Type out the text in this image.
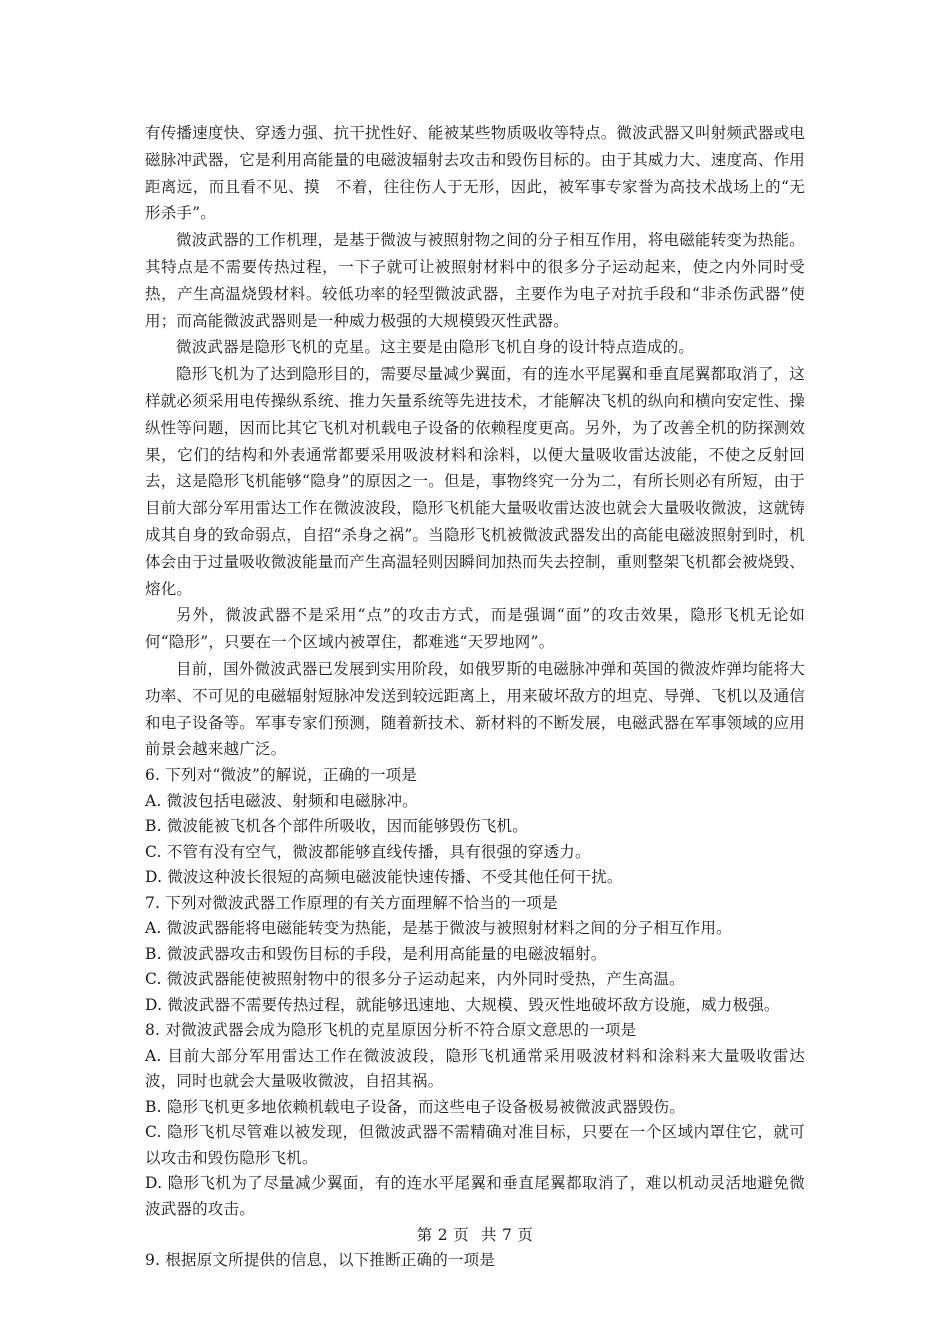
有传播速度快、穿透力强、抗干扰性好、能被某些物质吸收等特点。微波武器又叫射频武器或电磁脉冲武器，它是利用高能量的电磁波辐射去攻击和毁伤目标的。由于其威力大、速度高、作用距离远，而且看不见、摸　不着，往往伤人于无形，因此，被军事专家誉为高技术战场上的“无形杀手”。

微波武器的工作机理，是基于微波与被照射物之间的分子相互作用，将电磁能转变为热能。其特点是不需要传热过程，一下子就可让被照射材料中的很多分子运动起来，使之内外同时受热，产生高温烧毁材料。较低功率的轻型微波武器，主要作为电子对抗手段和“非杀伤武器”使用；而高能微波武器则是一种威力极强的大规模毁灭性武器。

微波武器是隐形飞机的克星。这主要是由隐形飞机自身的设计特点造成的。

隐形飞机为了达到隐形目的，需要尽量减少翼面，有的连水平尾翼和垂直尾翼都取消了，这样就必须采用电传操纵系统、推力矢量系统等先进技术，才能解决飞机的纵向和横向安定性、操纵性等问题，因而比其它飞机对机载电子设备的依赖程度更高。另外，为了改善全机的防探测效果，它们的结构和外表通常都要采用吸波材料和涂料，以便大量吸收雷达波能，不使之反射回去，这是隐形飞机能够“隐身”的原因之一。但是，事物终究一分为二，有所长则必有所短，由于目前大部分军用雷达工作在微波波段，隐形飞机能大量吸收雷达波也就会大量吸收微波，这就铸成其自身的致命弱点，自招“杀身之祸”。当隐形飞机被微波武器发出的高能电磁波照射到时，机体会由于过量吸收微波能量而产生高温轻则因瞬间加热而失去控制，重则整架飞机都会被烧毁、熔化。

另外，微波武器不是采用“点”的攻击方式，而是强调“面”的攻击效果，隐形飞机无论如何“隐形”，只要在一个区域内被罩住，都难逃“天罗地网”。

目前，国外微波武器已发展到实用阶段，如俄罗斯的电磁脉冲弹和英国的微波炸弹均能将大功率、不可见的电磁辐射短脉冲发送到较远距离上，用来破坏敌方的坦克、导弹、飞机以及通信和电子设备等。军事专家们预测，随着新技术、新材料的不断发展，电磁武器在军事领域的应用前景会越来越广泛。

6. 下列对“微波”的解说，正确的一项是

A. 微波包括电磁波、射频和电磁脉冲。

B. 微波能被飞机各个部件所吸收，因而能够毁伤飞机。

C. 不管有没有空气，微波都能够直线传播，具有很强的穿透力。

D. 微波这种波长很短的高频电磁波能快速传播、不受其他任何干扰。

7. 下列对微波武器工作原理的有关方面理解不恰当的一项是

A. 微波武器能将电磁能转变为热能，是基于微波与被照射材料之间的分子相互作用。

B. 微波武器攻击和毁伤目标的手段，是利用高能量的电磁波辐射。

C. 微波武器能使被照射物中的很多分子运动起来，内外同时受热，产生高温。

D. 微波武器不需要传热过程，就能够迅速地、大规模、毁灭性地破坏敌方设施，威力极强。

8. 对微波武器会成为隐形飞机的克星原因分析不符合原文意思的一项是

A. 目前大部分军用雷达工作在微波波段，隐形飞机通常采用吸波材料和涂料来大量吸收雷达波，同时也就会大量吸收微波，自招其祸。

B. 隐形飞机更多地依赖机载电子设备，而这些电子设备极易被微波武器毁伤。

C. 隐形飞机尽管难以被发现，但微波武器不需精确对准目标，只要在一个区域内罩住它，就可以攻击和毁伤隐形飞机。

D. 隐形飞机为了尽量减少翼面，有的连水平尾翼和垂直尾翼都取消了，难以机动灵活地避免微波武器的攻击。

第 2 页 共 7 页

9. 根据原文所提供的信息，以下推断正确的一项是
